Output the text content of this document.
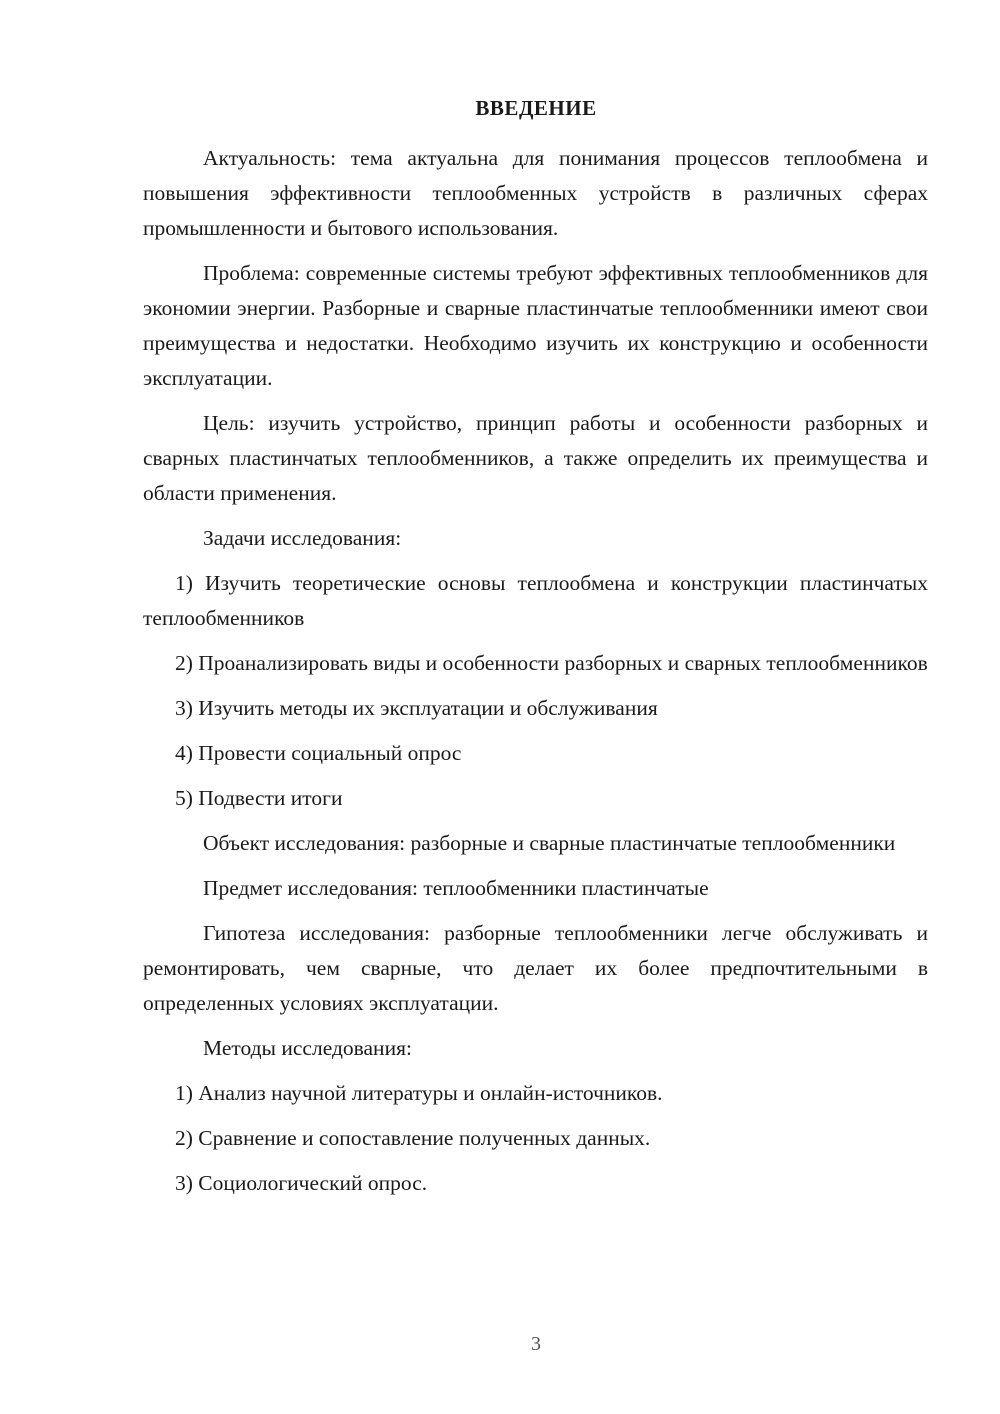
ВВЕДЕНИЕ

Актуальность: тема актуальна для понимания процессов теплообмена и повышения эффективности теплообменных устройств в различных сферах промышленности и бытового использования.

Проблема: современные системы требуют эффективных теплообменников для экономии энергии. Разборные и сварные пластинчатые теплообменники имеют свои преимущества и недостатки. Необходимо изучить их конструкцию и особенности эксплуатации.

Цель: изучить устройство, принцип работы и особенности разборных и сварных пластинчатых теплообменников, а также определить их преимущества и области применения.

Задачи исследования:

1) Изучить теоретические основы теплообмена и конструкции пластинчатых теплообменников

2) Проанализировать виды и особенности разборных и сварных теплообменников

3) Изучить методы их эксплуатации и обслуживания

4) Провести социальный опрос

5) Подвести итоги

Объект исследования: разборные и сварные пластинчатые теплообменники

Предмет исследования: теплообменники пластинчатые

Гипотеза исследования: разборные теплообменники легче обслуживать и ремонтировать, чем сварные, что делает их более предпочтительными в определенных условиях эксплуатации.

Методы исследования:

1) Анализ научной литературы и онлайн-источников.

2) Сравнение и сопоставление полученных данных.

3) Социологический опрос.

3
